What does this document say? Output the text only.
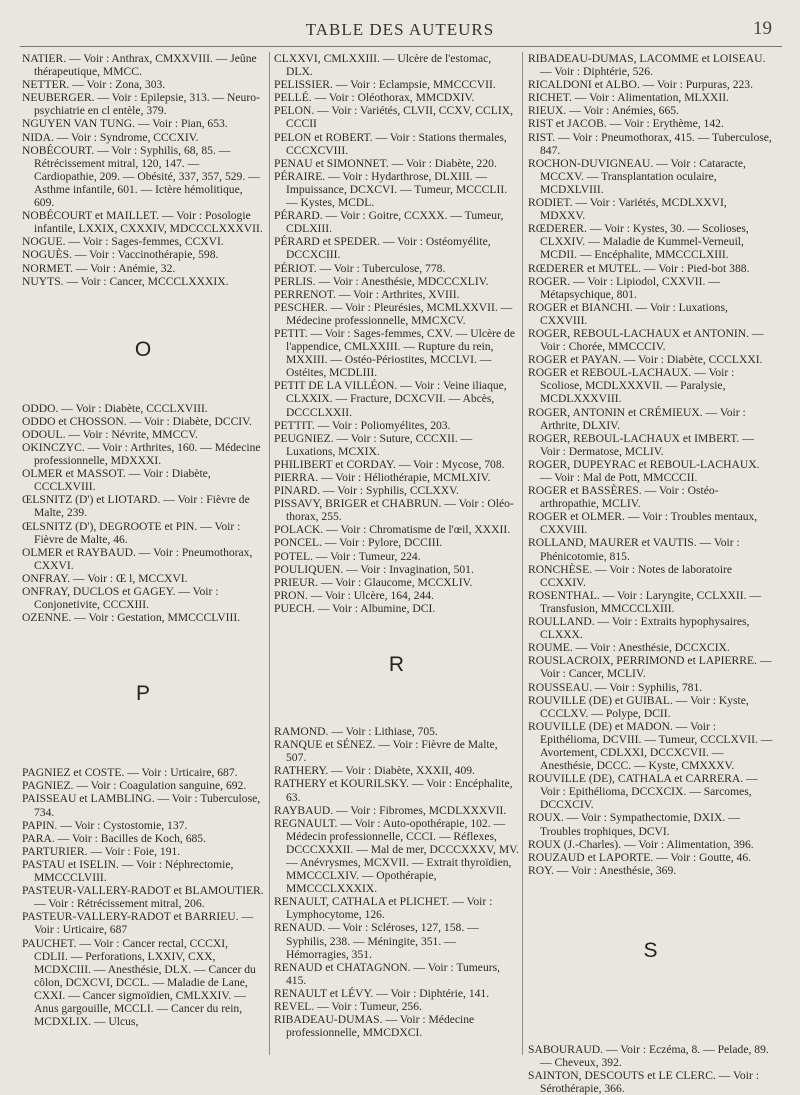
TABLE DES AUTEURS	19

NATIER. — Voir : Anthrax, CMXXVIII. — Jeûne thérapeutique, MMCC.

NETTER. — Voir : Zona, 303.

NEUBERGER. — Voir : Epilepsie, 313. — Neuro-psychiatrie en cl entèle, 379.

NGUYEN VAN TUNG. — Voir : Pian, 653.

NIDA. — Voir : Syndrome, CCCXIV.

NOBÉCOURT. — Voir : Syphilis, 68, 85. — Rétrécissement mitral, 120, 147. — Cardiopathie, 209. — Obésité, 337, 357, 529. — Asthme infantile, 601. — Ictère hémolitique, 609.

NOBÉCOURT et MAILLET. — Voir : Posologie infantile, LXXIX, CXXXIV, MDCCCLXXXVII.

NOGUE. — Voir : Sages-femmes, CCXVI.

NOGUÈS. — Voir : Vaccinothérapie, 598.

NORMET. — Voir : Anémie, 32.

NUYTS. — Voir : Cancer, MCCCLXXXIX.

O

ODDO. — Voir : Diabète, CCCLXVIII.

ODDO et CHOSSON. — Voir : Diabète, DCCIV.

ODOUL. — Voir : Névrite, MMCCV.

OKINCZYC. — Voir : Arthrites, 160. — Médecine professionnelle, MDXXXI.

OLMER et MASSOT. — Voir : Diabète, CCCLXVIII.

ŒLSNITZ (D') et LIOTARD. — Voir : Fièvre de Malte, 239.

ŒLSNITZ (D'), DEGROOTE et PIN. — Voir : Fièvre de Malte, 46.

OLMER et RAYBAUD. — Voir : Pneumothorax, CXXVI.

ONFRAY. — Voir : Œ l, MCCXVI.

ONFRAY, DUCLOS et GAGEY. — Voir : Conjonetivite, CCCXIII.

OZENNE. — Voir : Gestation, MMCCCLVIII.

P

PAGNIEZ et COSTE. — Voir : Urticaire, 687.

PAGNIEZ. — Voir : Coagulation sanguine, 692.

PAISSEAU et LAMBLING. — Voir : Tuberculose, 734.

PAPIN. — Voir : Cystostomie, 137.

PARA. — Voir : Bacilles de Koch, 685.

PARTURIER. — Voir : Foie, 191.

PASTAU et ISELIN. — Voir : Néphrectomie, MMCCCLVIII.

PASTEUR-VALLERY-RADOT et BLAMOUTIER. — Voir : Rétrécissement mitral, 206.

PASTEUR-VALLERY-RADOT et BARRIEU. — Voir : Urticaire, 687

PAUCHET. — Voir : Cancer rectal, CCCXI, CDLII. — Perforations, LXXIV, CXX, MCDXCIII. — Anesthésie, DLX. — Cancer du côlon, DCXCVI, DCCL. — Maladie de Lane, CXXI. — Cancer sigmoïdien, CMLXXIV. — Anus gargouille, MCCLI. — Cancer du rein, MCDXLIX. — Ulcus,

CLXXVI, CMLXXIII. — Ulcère de l'estomac, DLX.

PELISSIER. — Voir : Eclampsie, MMCCCVII.

PELLÉ. — Voir : Oléothorax, MMCDXIV.

PELON. — Voir : Variétés, CLVII, CCXV, CCLIX, CCCII

PELON et ROBERT. — Voir : Stations thermales, CCCXCVIII.

PENAU et SIMONNET. — Voir : Diabète, 220.

PÉRAIRE. — Voir : Hydarthrose, DLXIII. — Impuissance, DCXCVI. — Tumeur, MCCCLII. — Kystes, MCDL.

PÉRARD. — Voir : Goitre, CCXXX. — Tumeur, CDLXIII.

PÉRARD et SPEDER. — Voir : Ostéomyélite, DCCXCIII.

PÉRIOT. — Voir : Tuberculose, 778.

PERLIS. — Voir : Anesthésie, MDCCCXLIV.

PERRENOT. — Voir : Arthrites, XVIII.

PESCHER. — Voir : Pleurésies, MCMLXXVII. — Médecine professionnelle, MMCXCV.

PETIT. — Voir : Sages-femmes, CXV. — Ulcère de l'appendice, CMLXXIII. — Rupture du rein, MXXIII. — Ostéo-Périostites, MCCLVI. — Ostéites, MCDLIII.

PETIT DE LA VILLÉON. — Voir : Veine iliaque, CLXXIX. — Fracture, DCXCVII. — Abcès, DCCCLXXII.

PETTIT. — Voir : Poliomyélites, 203.

PEUGNIEZ. — Voir : Suture, CCCXII. — Luxations, MCXIX.

PHILIBERT et CORDAY. — Voir : Mycose, 708.

PIERRA. — Voir : Héliothérapie, MCMLXIV.

PINARD. — Voir : Syphilis, CCLXXV.

PISSAVY, BRIGER et CHABRUN. — Voir : Oléo-thorax, 255.

POLACK. — Voir : Chromatisme de l'œil, XXXII.

PONCEL. — Voir : Pylore, DCCIII.

POTEL. — Voir : Tumeur, 224.

POULIQUEN. — Voir : Invagination, 501.

PRIEUR. — Voir : Glaucome, MCCXLIV.

PRON. — Voir : Ulcère, 164, 244.

PUECH. — Voir : Albumine, DCI.

R

RAMOND. — Voir : Lithiase, 705.

RANQUE et SÉNEZ. — Voir : Fièvre de Malte, 507.

RATHERY. — Voir : Diabète, XXXII, 409.

RATHERY et KOURILSKY. — Voir : Encéphalite, 63.

RAYBAUD. — Voir : Fibromes, MCDLXXXVII.

REGNAULT. — Voir : Auto-opothérapie, 102. — Médecin professionnelle, CCCI. — Réflexes, DCCCXXXII. — Mal de mer, DCCCXXXV, MV. — Anévrysmes, MCXVII. — Extrait thyroïdien, MMCCCLXIV. — Opothérapie, MMCCCLXXXIX.

RENAULT, CATHALA et PLICHET. — Voir : Lymphocytome, 126.

RENAUD. — Voir : Scléroses, 127, 158. — Syphilis, 238. — Méningite, 351. — Hémorragies, 351.

RENAUD et CHATAGNON. — Voir : Tumeurs, 415.

RENAULT et LÉVY. — Voir : Diphtérie, 141.

REVEL. — Voir : Tumeur, 256.

RIBADEAU-DUMAS. — Voir : Médecine professionnelle, MMCDXCI.

RIBADEAU-DUMAS, LACOMME et LOISEAU. — Voir : Diphtérie, 526.

RICALDONI et ALBO. — Voir : Purpuras, 223.

RICHET. — Voir : Alimentation, MLXXII.

RIEUX. — Voir : Anémies, 665.

RIST et JACOB. — Voir : Erythème, 142.

RIST. — Voir : Pneumothorax, 415. — Tuberculose, 847.

ROCHON-DUVIGNEAU. — Voir : Cataracte, MCCXV. — Transplantation oculaire, MCDXLVIII.

RODIET. — Voir : Variétés, MCDLXXVI, MDXXV.

RŒDERER. — Voir : Kystes, 30. — Scolioses, CLXXIV. — Maladie de Kummel-Verneuil, MCDII. — Encéphalite, MMCCCLXIII.

RŒDERER et MUTEL. — Voir : Pied-bot 388.

ROGER. — Voir : Lipiodol, CXXVII. — Métapsychique, 801.

ROGER et BIANCHI. — Voir : Luxations, CXXVIII.

ROGER, REBOUL-LACHAUX et ANTONIN. — Voir : Chorée, MMCCCIV.

ROGER et PAYAN. — Voir : Diabète, CCCLXXI.

ROGER et REBOUL-LACHAUX. — Voir : Scoliose, MCDLXXXVII. — Paralysie, MCDLXXXVIII.

ROGER, ANTONIN et CRÉMIEUX. — Voir : Arthrite, DLXIV.

ROGER, REBOUL-LACHAUX et IMBERT. — Voir : Dermatose, MCLIV.

ROGER, DUPEYRAC et REBOUL-LACHAUX. — Voir : Mal de Pott, MMCCCII.

ROGER et BASSÈRES. — Voir : Ostéo-arthropathie, MCLIV.

ROGER et OLMER. — Voir : Troubles mentaux, CXXVIII.

ROLLAND, MAURER et VAUTIS. — Voir : Phénicotomie, 815.

RONCHÈSE. — Voir : Notes de laboratoire CCXXIV.

ROSENTHAL. — Voir : Laryngite, CCLXXII. — Transfusion, MMCCCLXIII.

ROULLAND. — Voir : Extraits hypophysaires, CLXXX.

ROUME. — Voir : Anesthésie, DCCXCIX.

ROUSLACROIX, PERRIMOND et LAPIERRE. — Voir : Cancer, MCLIV.

ROUSSEAU. — Voir : Syphilis, 781.

ROUVILLE (DE) et GUIBAL. — Voir : Kyste, CCCLXV. — Polype, DCII.

ROUVILLE (DE) et MADON. — Voir : Epithélioma, DCVIII. — Tumeur, CCCLXVII. — Avortement, CDLXXI, DCCXCVII. — Anesthésie, DCCC. — Kyste, CMXXXV.

ROUVILLE (DE), CATHALA et CARRERA. — Voir : Epithélioma, DCCXCIX. — Sarcomes, DCCXCIV.

ROUX. — Voir : Sympathectomie, DXIX. — Troubles trophiques, DCVI.

ROUX (J.-Charles). — Voir : Alimentation, 396.

ROUZAUD et LAPORTE. — Voir : Goutte, 46.

ROY. — Voir : Anesthésie, 369.

S

SABOURAUD. — Voir : Eczéma, 8. — Pelade, 89. — Cheveux, 392.

SAINTON, DESCOUTS et LE CLERC. — Voir : Sérothérapie, 366.
